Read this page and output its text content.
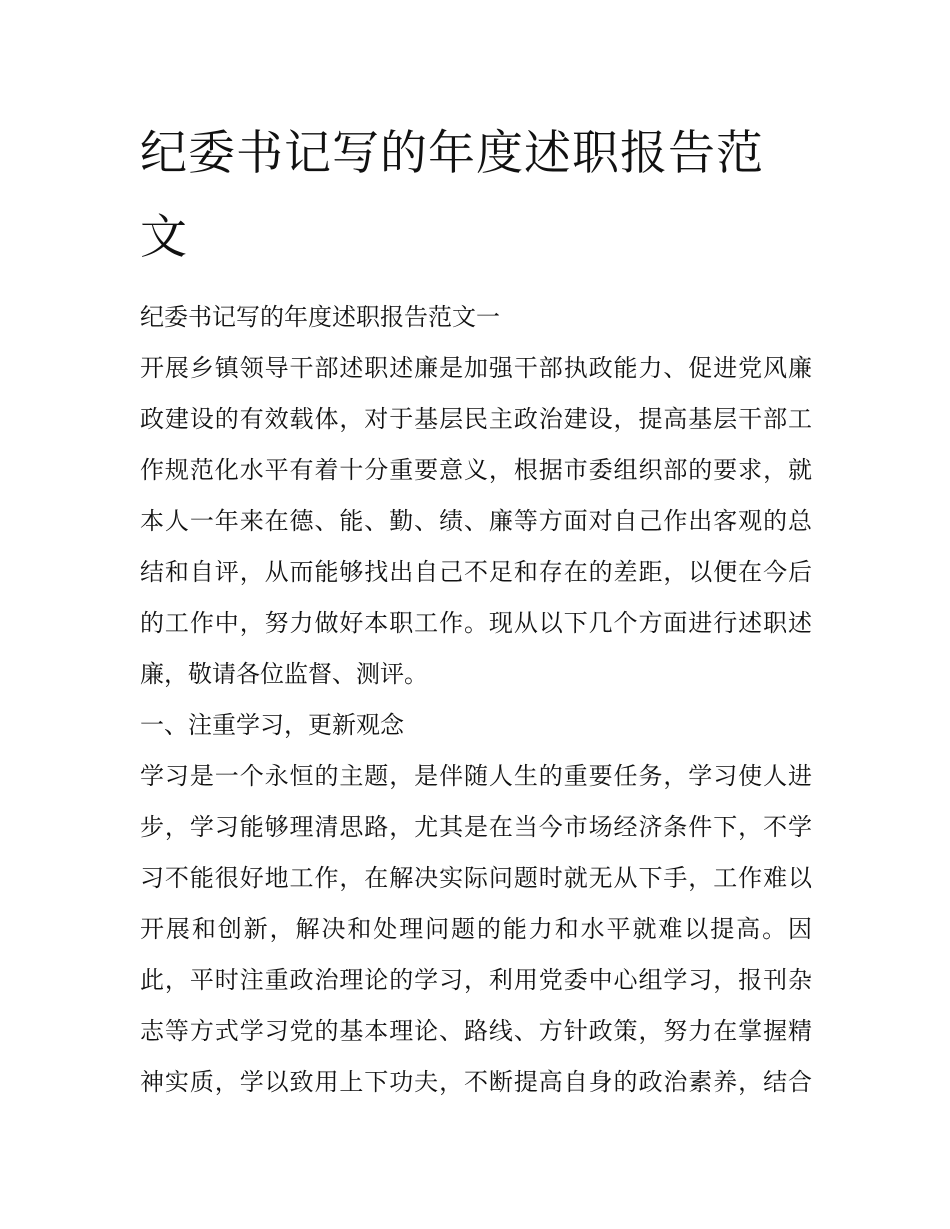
纪委书记写的年度述职报告范
文
纪委书记写的年度述职报告范文一
开展乡镇领导干部述职述廉是加强干部执政能力、促进党风廉
政建设的有效载体，对于基层民主政治建设，提高基层干部工
作规范化水平有着十分重要意义，根据市委组织部的要求，就
本人一年来在德、能、勤、绩、廉等方面对自己作出客观的总
结和自评，从而能够找出自己不足和存在的差距，以便在今后
的工作中，努力做好本职工作。现从以下几个方面进行述职述
廉，敬请各位监督、测评。
一、注重学习，更新观念
学习是一个永恒的主题，是伴随人生的重要任务，学习使人进
步，学习能够理清思路，尤其是在当今市场经济条件下，不学
习不能很好地工作，在解决实际问题时就无从下手，工作难以
开展和创新，解决和处理问题的能力和水平就难以提高。因
此，平时注重政治理论的学习，利用党委中心组学习，报刊杂
志等方式学习党的基本理论、路线、方针政策，努力在掌握精
神实质，学以致用上下功夫，不断提高自身的政治素养，结合
